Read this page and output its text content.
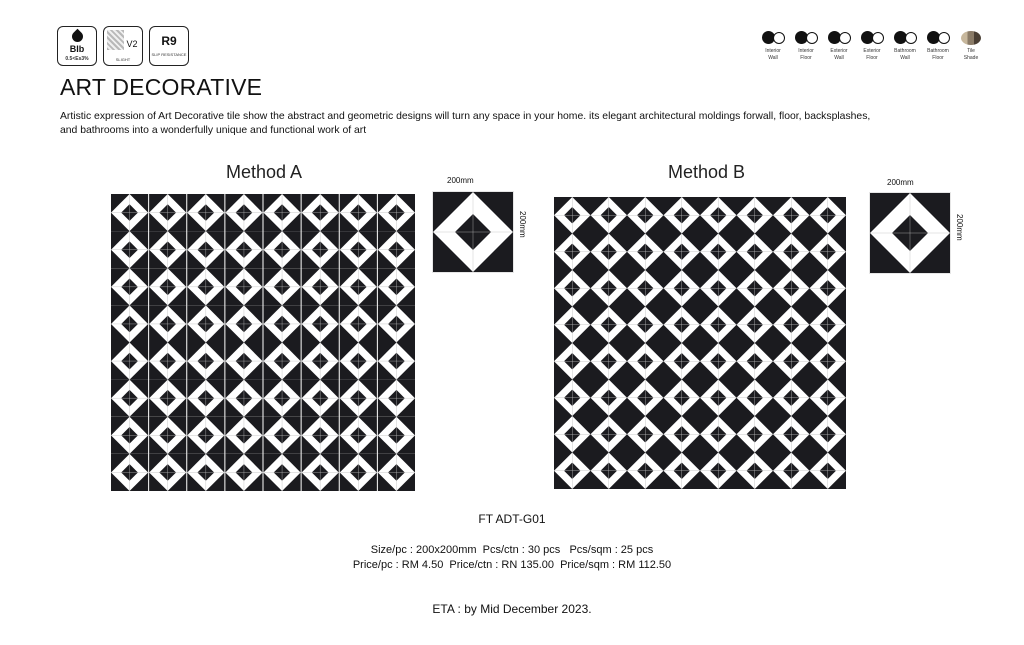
BIb
0.5<Es3%
V2
SLIGHT
R9
SLIP RESISTANCE
Interior
Wall
Interior
Floor
Exterior
Wall
Exterior
Floor
Bathroom
Wall
Bathroom
Floor
Tile
Shade
ART DECORATIVE
Artistic expression of Art Decorative tile show the abstract and geometric designs will turn any space in your home. its elegant architectural moldings forwall, floor, backsplashes, and bathrooms into a wonderfully unique and functional work of art
Method A	200mm
200mm
Method B
200mm
200mm
FT ADT-G01
Size/pc : 200x200mm  Pcs/ctn : 30 pcs   Pcs/sqm : 25 pcs
Price/pc : RM 4.50  Price/ctn : RN 135.00  Price/sqm : RM 112.50
ETA : by Mid December 2023.
